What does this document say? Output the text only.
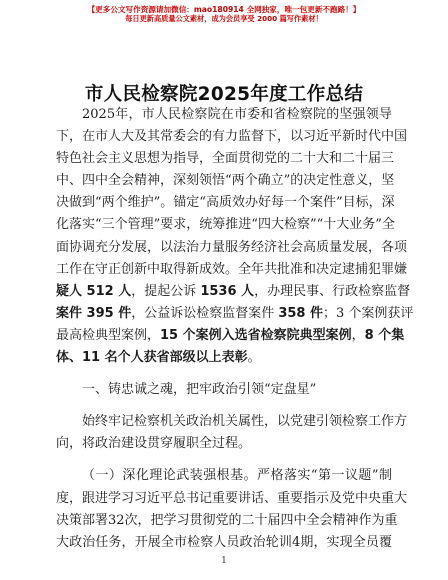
【更多公文写作资源请加微信：mao180914 全网独家，唯一包更新不跑路！】
每日更新高质量公文素材，成为会员享受 2000 篇写作素材！
市人民检察院2025年度工作总结
2025年，市人民检察院在市委和省检察院的坚强领导
下，在市人大及其常委会的有力监督下，以习近平新时代中国
特色社会主义思想为指导，全面贯彻党的二十大和二十届三
中、四中全会精神，深刻领悟“两个确立”的决定性意义，坚
决做到“两个维护”。锚定“高质效办好每一个案件”目标，深
化落实“三个管理”要求，统筹推进“四大检察”“十大业务”全
面协调充分发展，以法治力量服务经济社会高质量发展，各项
工作在守正创新中取得新成效。全年共批准和决定逮捕犯罪嫌
疑人 512 人，提起公诉 1536 人，办理民事、行政检察监督
案件 395 件，公益诉讼检察监督案件 358 件；3 个案例获评
最高检典型案例，15 个案例入选省检察院典型案例，8 个集
体、11 名个人获省部级以上表彰。
一、铸忠诚之魂，把牢政治引领“定盘星”
始终牢记检察机关政治机关属性，以党建引领检察工作方
向，将政治建设贯穿履职全过程。
（一）深化理论武装强根基。严格落实“第一议题”制
度，跟进学习习近平总书记重要讲话、重要指示及党中央重大
决策部署32次，把学习贯彻党的二十届四中全会精神作为重
大政治任务，开展全市检察人员政治轮训4期，实现全员覆
1
